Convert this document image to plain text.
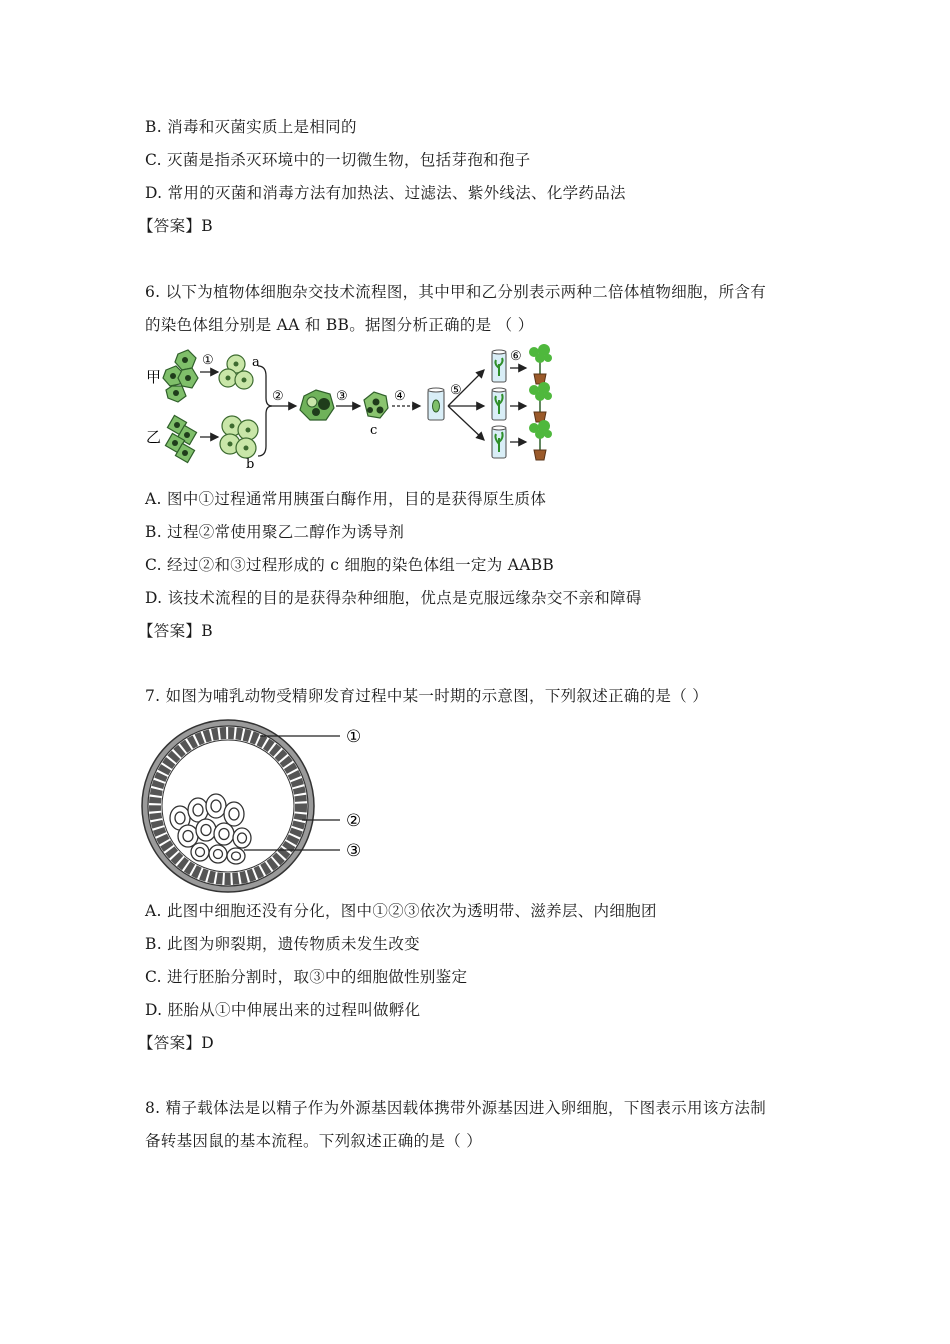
B. 消毒和灭菌实质上是相同的
C. 灭菌是指杀灭环境中的一切微生物，包括芽孢和孢子
D. 常用的灭菌和消毒方法有加热法、过滤法、紫外线法、化学药品法
【答案】B
6. 以下为植物体细胞杂交技术流程图，其中甲和乙分别表示两种二倍体植物细胞，所含有
的染色体组分别是 AA 和 BB。据图分析正确的是 （ ）
甲
①	a
乙
b
②	③
c
④	⑤
⑥
A. 图中①过程通常用胰蛋白酶作用，目的是获得原生质体
B. 过程②常使用聚乙二醇作为诱导剂
C. 经过②和③过程形成的 c 细胞的染色体组一定为 AABB
D. 该技术流程的目的是获得杂种细胞，优点是克服远缘杂交不亲和障碍
【答案】B
7. 如图为哺乳动物受精卵发育过程中某一时期的示意图，下列叙述正确的是（ ）
①
②
③
A. 此图中细胞还没有分化，图中①②③依次为透明带、滋养层、内细胞团
B. 此图为卵裂期，遗传物质未发生改变
C. 进行胚胎分割时，取③中的细胞做性别鉴定
D. 胚胎从①中伸展出来的过程叫做孵化
【答案】D
8. 精子载体法是以精子作为外源基因载体携带外源基因进入卵细胞，下图表示用该方法制
备转基因鼠的基本流程。下列叙述正确的是（ ）
